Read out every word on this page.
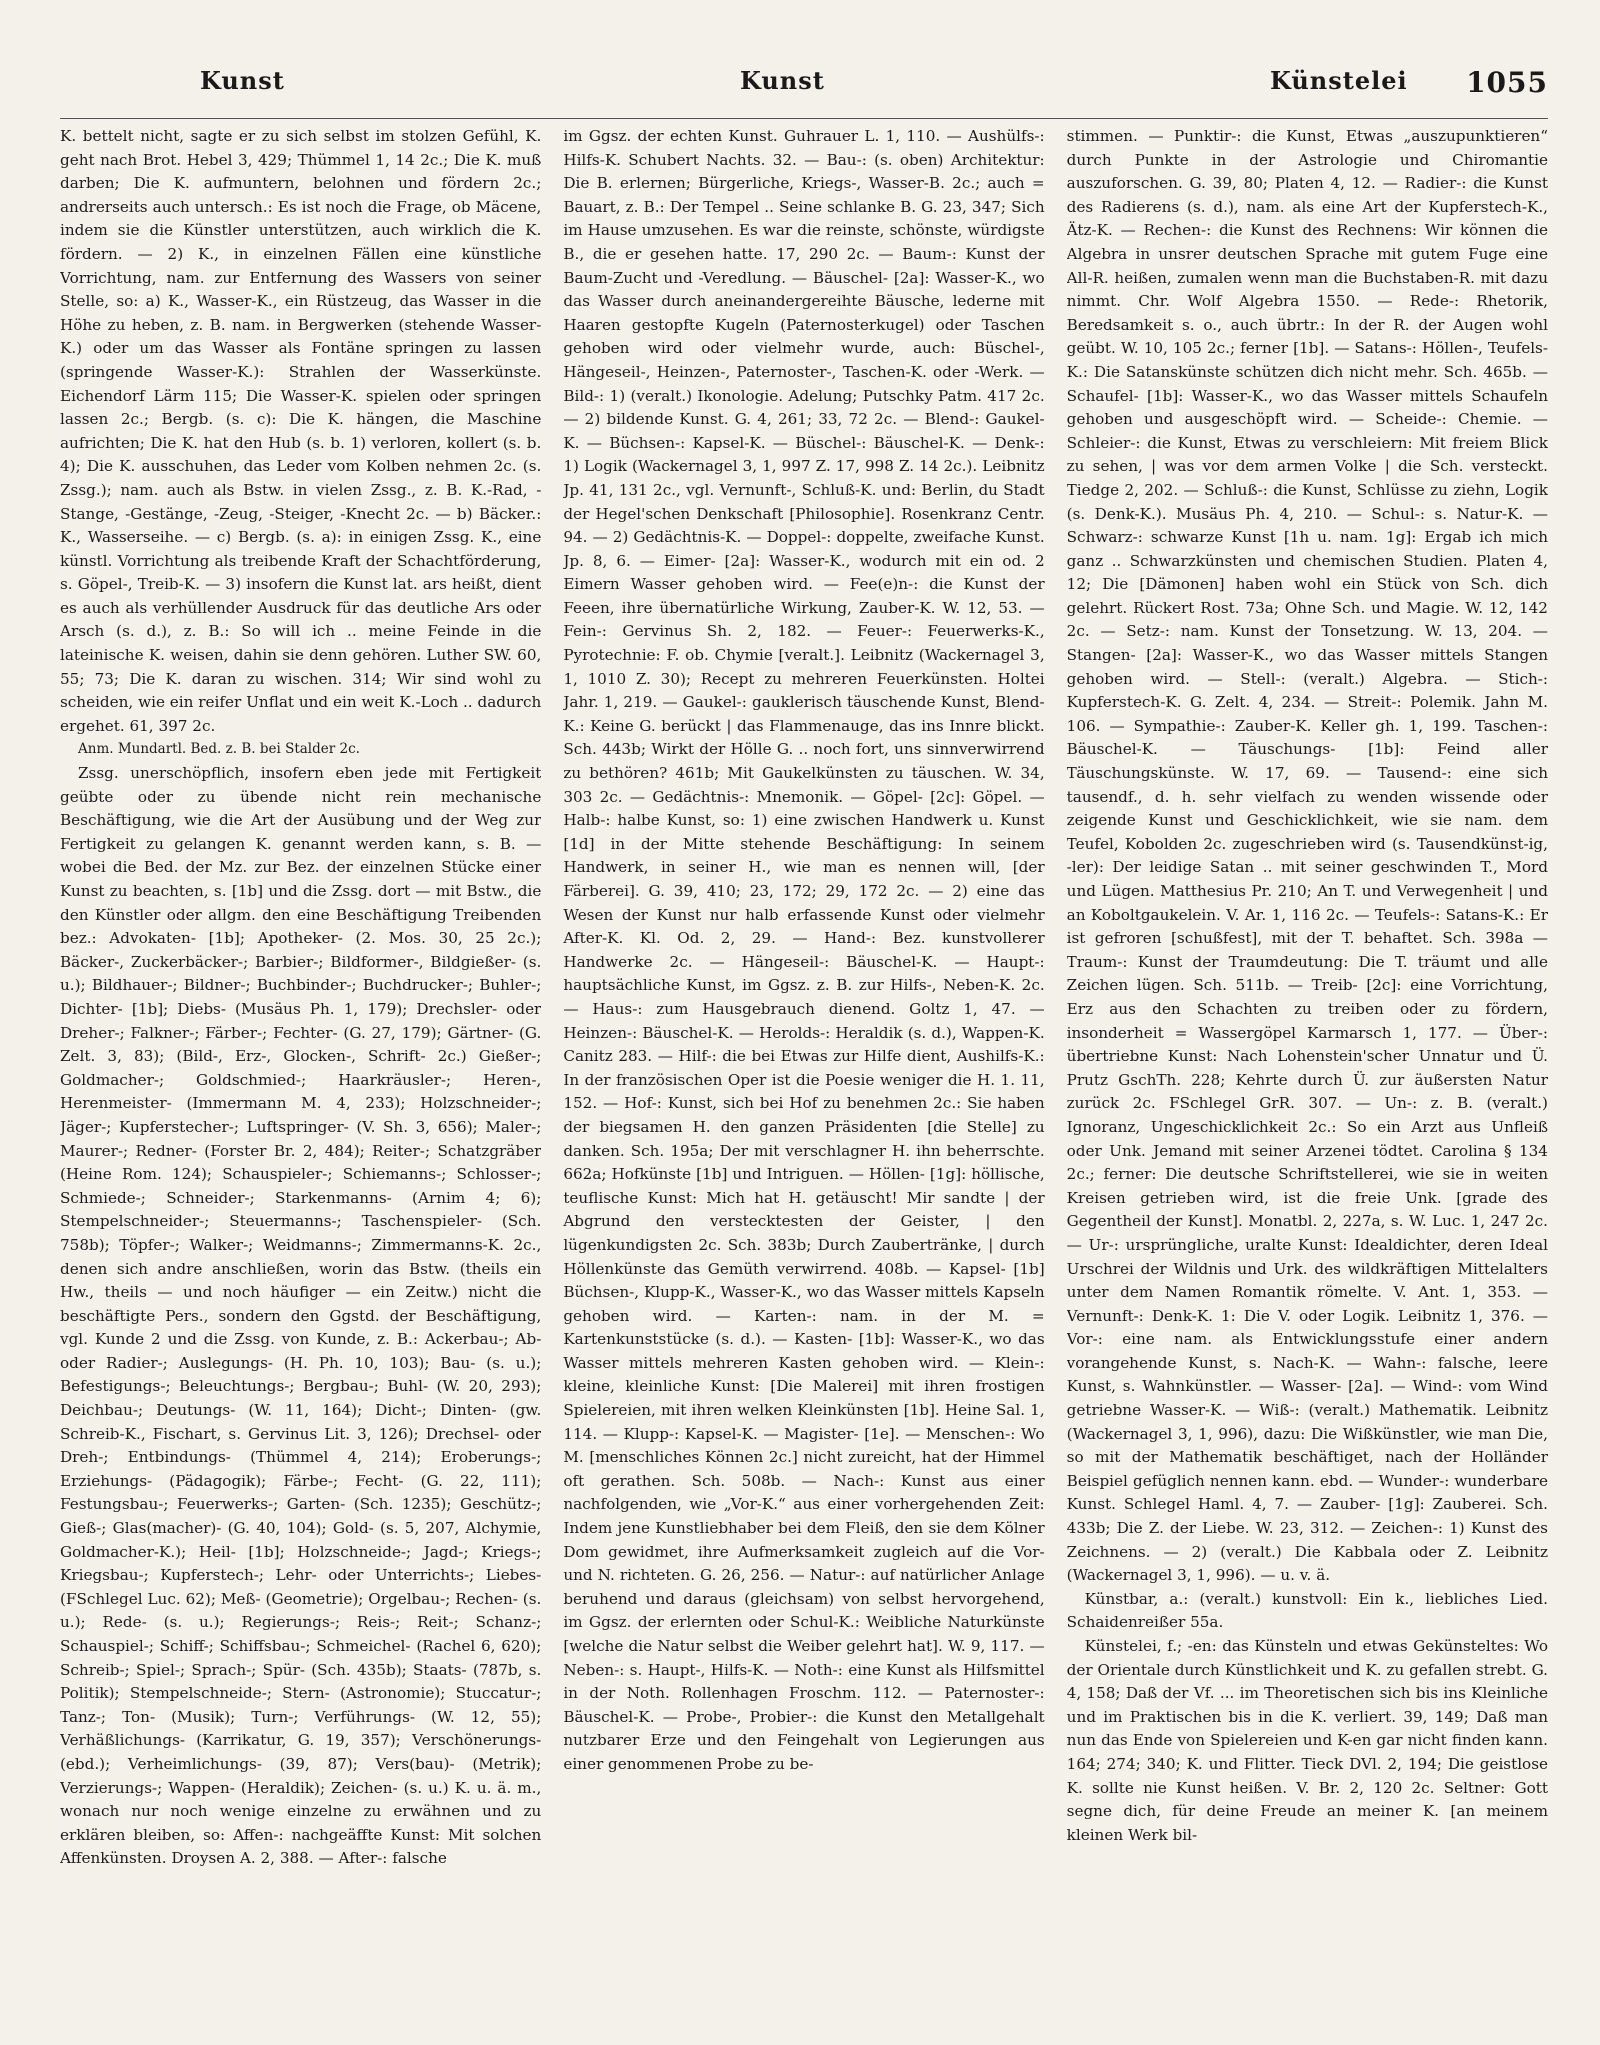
Kunst	Kunst	Künstelei 1055

K. bettelt nicht, sagte er zu sich selbst im stolzen Gefühl, K. geht nach Brot. Hebel 3, 429; Thümmel 1, 14 2c.; Die K. muß darben; Die K. aufmuntern, belohnen und fördern 2c.; andrerseits auch untersch.: Es ist noch die Frage, ob Mäcene, indem sie die Künstler unterstützen, auch wirklich die K. fördern. — 2) K., in einzelnen Fällen eine künstliche Vorrichtung, nam. zur Entfernung des Wassers von seiner Stelle, so: a) K., Wasser-K., ein Rüstzeug, das Wasser in die Höhe zu heben, z. B. nam. in Bergwerken (stehende Wasser-K.) oder um das Wasser als Fontäne springen zu lassen (springende Wasser-K.): Strahlen der Wasserkünste. Eichendorf Lärm 115; Die Wasser-K. spielen oder springen lassen 2c.; Bergb. (s. c): Die K. hängen, die Maschine aufrichten; Die K. hat den Hub (s. b. 1) verloren, kollert (s. b. 4); Die K. ausschuhen, das Leder vom Kolben nehmen 2c. (s. Zssg.); nam. auch als Bstw. in vielen Zssg., z. B. K.-Rad, -Stange, -Gestänge, -Zeug, -Steiger, -Knecht 2c. — b) Bäcker.: K., Wasserseihe. — c) Bergb. (s. a): in einigen Zssg. K., eine künstl. Vorrichtung als treibende Kraft der Schachtförderung, s. Göpel-, Treib-K. — 3) insofern die Kunst lat. ars heißt, dient es auch als verhüllender Ausdruck für das deutliche Ars oder Arsch (s. d.), z. B.: So will ich .. meine Feinde in die lateinische K. weisen, dahin sie denn gehören. Luther SW. 60, 55; 73; Die K. daran zu wischen. 314; Wir sind wohl zu scheiden, wie ein reifer Unflat und ein weit K.-Loch .. dadurch ergehet. 61, 397 2c.

Anm. Mundartl. Bed. z. B. bei Stalder 2c.

Zssg. unerschöpflich, insofern eben jede mit Fertigkeit geübte oder zu übende nicht rein mechanische Beschäftigung, wie die Art der Ausübung und der Weg zur Fertigkeit zu gelangen K. genannt werden kann, s. B. — wobei die Bed. der Mz. zur Bez. der einzelnen Stücke einer Kunst zu beachten, s. [1b] und die Zssg. dort — mit Bstw., die den Künstler oder allgm. den eine Beschäftigung Treibenden bez.: Advokaten- [1b]; Apotheker- (2. Mos. 30, 25 2c.); Bäcker-, Zuckerbäcker-; Barbier-; Bildformer-, Bildgießer- (s. u.); Bildhauer-; Bildner-; Buchbinder-; Buchdrucker-; Buhler-; Dichter- [1b]; Diebs- (Musäus Ph. 1, 179); Drechsler- oder Dreher-; Falkner-; Färber-; Fechter- (G. 27, 179); Gärtner- (G. Zelt. 3, 83); (Bild-, Erz-, Glocken-, Schrift- 2c.) Gießer-; Goldmacher-; Goldschmied-; Haarkräusler-; Heren-, Herenmeister- (Immermann M. 4, 233); Holzschneider-; Jäger-; Kupferstecher-; Luftspringer- (V. Sh. 3, 656); Maler-; Maurer-; Redner- (Forster Br. 2, 484); Reiter-; Schatzgräber (Heine Rom. 124); Schauspieler-; Schiemanns-; Schlosser-; Schmiede-; Schneider-; Starkenmanns- (Arnim 4; 6); Stempelschneider-; Steuermanns-; Taschenspieler- (Sch. 758b); Töpfer-; Walker-; Weidmanns-; Zimmermanns-K. 2c., denen sich andre anschließen, worin das Bstw. (theils ein Hw., theils — und noch häufiger — ein Zeitw.) nicht die beschäftigte Pers., sondern den Ggstd. der Beschäftigung, vgl. Kunde 2 und die Zssg. von Kunde, z. B.: Ackerbau-; Ab- oder Radier-; Auslegungs- (H. Ph. 10, 103); Bau- (s. u.); Befestigungs-; Beleuchtungs-; Bergbau-; Buhl- (W. 20, 293); Deichbau-; Deutungs- (W. 11, 164); Dicht-; Dinten- (gw. Schreib-K., Fischart, s. Gervinus Lit. 3, 126); Drechsel- oder Dreh-; Entbindungs- (Thümmel 4, 214); Eroberungs-; Erziehungs- (Pädagogik); Färbe-; Fecht- (G. 22, 111); Festungsbau-; Feuerwerks-; Garten- (Sch. 1235); Geschütz-; Gieß-; Glas(macher)- (G. 40, 104); Gold- (s. 5, 207, Alchymie, Goldmacher-K.); Heil- [1b]; Holzschneide-; Jagd-; Kriegs-; Kriegsbau-; Kupferstech-; Lehr- oder Unterrichts-; Liebes- (FSchlegel Luc. 62); Meß- (Geometrie); Orgelbau-; Rechen- (s. u.); Rede- (s. u.); Regierungs-; Reis-; Reit-; Schanz-; Schauspiel-; Schiff-; Schiffsbau-; Schmeichel- (Rachel 6, 620); Schreib-; Spiel-; Sprach-; Spür- (Sch. 435b); Staats- (787b, s. Politik); Stempelschneide-; Stern- (Astronomie); Stuccatur-; Tanz-; Ton- (Musik); Turn-; Verführungs- (W. 12, 55); Verhäßlichungs- (Karrikatur, G. 19, 357); Verschönerungs- (ebd.); Verheimlichungs- (39, 87); Vers(bau)- (Metrik); Verzierungs-; Wappen- (Heraldik); Zeichen- (s. u.) K. u. ä. m., wonach nur noch wenige einzelne zu erwähnen und zu erklären bleiben, so: Affen-: nachgeäffte Kunst: Mit solchen Affenkünsten. Droysen A. 2, 388. — After-: falsche

im Ggsz. der echten Kunst. Guhrauer L. 1, 110. — Aushülfs-: Hilfs-K. Schubert Nachts. 32. — Bau-: (s. oben) Architektur: Die B. erlernen; Bürgerliche, Kriegs-, Wasser-B. 2c.; auch = Bauart, z. B.: Der Tempel .. Seine schlanke B. G. 23, 347; Sich im Hause umzusehen. Es war die reinste, schönste, würdigste B., die er gesehen hatte. 17, 290 2c. — Baum-: Kunst der Baum-Zucht und -Veredlung. — Bäuschel- [2a]: Wasser-K., wo das Wasser durch aneinandergereihte Bäusche, lederne mit Haaren gestopfte Kugeln (Paternosterkugel) oder Taschen gehoben wird oder vielmehr wurde, auch: Büschel-, Hängeseil-, Heinzen-, Paternoster-, Taschen-K. oder -Werk. — Bild-: 1) (veralt.) Ikonologie. Adelung; Putschky Patm. 417 2c. — 2) bildende Kunst. G. 4, 261; 33, 72 2c. — Blend-: Gaukel-K. — Büchsen-: Kapsel-K. — Büschel-: Bäuschel-K. — Denk-: 1) Logik (Wackernagel 3, 1, 997 Z. 17, 998 Z. 14 2c.). Leibnitz Jp. 41, 131 2c., vgl. Vernunft-, Schluß-K. und: Berlin, du Stadt der Hegel'schen Denkschaft [Philosophie]. Rosenkranz Centr. 94. — 2) Gedächtnis-K. — Doppel-: doppelte, zweifache Kunst. Jp. 8, 6. — Eimer- [2a]: Wasser-K., wodurch mit ein od. 2 Eimern Wasser gehoben wird. — Fee(e)n-: die Kunst der Feeen, ihre übernatürliche Wirkung, Zauber-K. W. 12, 53. — Fein-: Gervinus Sh. 2, 182. — Feuer-: Feuerwerks-K., Pyrotechnie: F. ob. Chymie [veralt.]. Leibnitz (Wackernagel 3, 1, 1010 Z. 30); Recept zu mehreren Feuerkünsten. Holtei Jahr. 1, 219. — Gaukel-: gauklerisch täuschende Kunst, Blend-K.: Keine G. berückt | das Flammenauge, das ins Innre blickt. Sch. 443b; Wirkt der Hölle G. .. noch fort, uns sinnverwirrend zu bethören? 461b; Mit Gaukelkünsten zu täuschen. W. 34, 303 2c. — Gedächtnis-: Mnemonik. — Göpel- [2c]: Göpel. — Halb-: halbe Kunst, so: 1) eine zwischen Handwerk u. Kunst [1d] in der Mitte stehende Beschäftigung: In seinem Handwerk, in seiner H., wie man es nennen will, [der Färberei]. G. 39, 410; 23, 172; 29, 172 2c. — 2) eine das Wesen der Kunst nur halb erfassende Kunst oder vielmehr After-K. Kl. Od. 2, 29. — Hand-: Bez. kunstvollerer Handwerke 2c. — Hängeseil-: Bäuschel-K. — Haupt-: hauptsächliche Kunst, im Ggsz. z. B. zur Hilfs-, Neben-K. 2c. — Haus-: zum Hausgebrauch dienend. Goltz 1, 47. — Heinzen-: Bäuschel-K. — Herolds-: Heraldik (s. d.), Wappen-K. Canitz 283. — Hilf-: die bei Etwas zur Hilfe dient, Aushilfs-K.: In der französischen Oper ist die Poesie weniger die H. 1. 11, 152. — Hof-: Kunst, sich bei Hof zu benehmen 2c.: Sie haben der biegsamen H. den ganzen Präsidenten [die Stelle] zu danken. Sch. 195a; Der mit verschlagner H. ihn beherrschte. 662a; Hofkünste [1b] und Intriguen. — Höllen- [1g]: höllische, teuflische Kunst: Mich hat H. getäuscht! Mir sandte | der Abgrund den verstecktesten der Geister, | den lügenkundigsten 2c. Sch. 383b; Durch Zaubertränke, | durch Höllenkünste das Gemüth verwirrend. 408b. — Kapsel- [1b] Büchsen-, Klupp-K., Wasser-K., wo das Wasser mittels Kapseln gehoben wird. — Karten-: nam. in der M. = Kartenkunststücke (s. d.). — Kasten- [1b]: Wasser-K., wo das Wasser mittels mehreren Kasten gehoben wird. — Klein-: kleine, kleinliche Kunst: [Die Malerei] mit ihren frostigen Spielereien, mit ihren welken Kleinkünsten [1b]. Heine Sal. 1, 114. — Klupp-: Kapsel-K. — Magister- [1e]. — Menschen-: Wo M. [menschliches Können 2c.] nicht zureicht, hat der Himmel oft gerathen. Sch. 508b. — Nach-: Kunst aus einer nachfolgenden, wie „Vor-K.“ aus einer vorhergehenden Zeit: Indem jene Kunstliebhaber bei dem Fleiß, den sie dem Kölner Dom gewidmet, ihre Aufmerksamkeit zugleich auf die Vor- und N. richteten. G. 26, 256. — Natur-: auf natürlicher Anlage beruhend und daraus (gleichsam) von selbst hervorgehend, im Ggsz. der erlernten oder Schul-K.: Weibliche Naturkünste [welche die Natur selbst die Weiber gelehrt hat]. W. 9, 117. — Neben-: s. Haupt-, Hilfs-K. — Noth-: eine Kunst als Hilfsmittel in der Noth. Rollenhagen Froschm. 112. — Paternoster-: Bäuschel-K. — Probe-, Probier-: die Kunst den Metallgehalt nutzbarer Erze und den Feingehalt von Legierungen aus einer genommenen Probe zu be-

stimmen. — Punktir-: die Kunst, Etwas „auszupunktieren“ durch Punkte in der Astrologie und Chiromantie auszuforschen. G. 39, 80; Platen 4, 12. — Radier-: die Kunst des Radierens (s. d.), nam. als eine Art der Kupferstech-K., Ätz-K. — Rechen-: die Kunst des Rechnens: Wir können die Algebra in unsrer deutschen Sprache mit gutem Fuge eine All-R. heißen, zumalen wenn man die Buchstaben-R. mit dazu nimmt. Chr. Wolf Algebra 1550. — Rede-: Rhetorik, Beredsamkeit s. o., auch übrtr.: In der R. der Augen wohl geübt. W. 10, 105 2c.; ferner [1b]. — Satans-: Höllen-, Teufels-K.: Die Satanskünste schützen dich nicht mehr. Sch. 465b. — Schaufel- [1b]: Wasser-K., wo das Wasser mittels Schaufeln gehoben und ausgeschöpft wird. — Scheide-: Chemie. — Schleier-: die Kunst, Etwas zu verschleiern: Mit freiem Blick zu sehen, | was vor dem armen Volke | die Sch. versteckt. Tiedge 2, 202. — Schluß-: die Kunst, Schlüsse zu ziehn, Logik (s. Denk-K.). Musäus Ph. 4, 210. — Schul-: s. Natur-K. — Schwarz-: schwarze Kunst [1h u. nam. 1g]: Ergab ich mich ganz .. Schwarzkünsten und chemischen Studien. Platen 4, 12; Die [Dämonen] haben wohl ein Stück von Sch. dich gelehrt. Rückert Rost. 73a; Ohne Sch. und Magie. W. 12, 142 2c. — Setz-: nam. Kunst der Tonsetzung. W. 13, 204. — Stangen- [2a]: Wasser-K., wo das Wasser mittels Stangen gehoben wird. — Stell-: (veralt.) Algebra. — Stich-: Kupferstech-K. G. Zelt. 4, 234. — Streit-: Polemik. Jahn M. 106. — Sympathie-: Zauber-K. Keller gh. 1, 199. Taschen-: Bäuschel-K. — Täuschungs- [1b]: Feind aller Täuschungskünste. W. 17, 69. — Tausend-: eine sich tausendf., d. h. sehr vielfach zu wenden wissende oder zeigende Kunst und Geschicklichkeit, wie sie nam. dem Teufel, Kobolden 2c. zugeschrieben wird (s. Tausendkünst-ig, -ler): Der leidige Satan .. mit seiner geschwinden T., Mord und Lügen. Matthesius Pr. 210; An T. und Verwegenheit | und an Koboltgaukelein. V. Ar. 1, 116 2c. — Teufels-: Satans-K.: Er ist gefroren [schußfest], mit der T. behaftet. Sch. 398a — Traum-: Kunst der Traumdeutung: Die T. träumt und alle Zeichen lügen. Sch. 511b. — Treib- [2c]: eine Vorrichtung, Erz aus den Schachten zu treiben oder zu fördern, insonderheit = Wassergöpel Karmarsch 1, 177. — Über-: übertriebne Kunst: Nach Lohenstein'scher Unnatur und Ü. Prutz GschTh. 228; Kehrte durch Ü. zur äußersten Natur zurück 2c. FSchlegel GrR. 307. — Un-: z. B. (veralt.) Ignoranz, Ungeschicklichkeit 2c.: So ein Arzt aus Unfleiß oder Unk. Jemand mit seiner Arzenei tödtet. Carolina § 134 2c.; ferner: Die deutsche Schriftstellerei, wie sie in weiten Kreisen getrieben wird, ist die freie Unk. [grade des Gegentheil der Kunst]. Monatbl. 2, 227a, s. W. Luc. 1, 247 2c. — Ur-: ursprüngliche, uralte Kunst: Idealdichter, deren Ideal Urschrei der Wildnis und Urk. des wildkräftigen Mittelalters unter dem Namen Romantik römelte. V. Ant. 1, 353. — Vernunft-: Denk-K. 1: Die V. oder Logik. Leibnitz 1, 376. — Vor-: eine nam. als Entwicklungsstufe einer andern vorangehende Kunst, s. Nach-K. — Wahn-: falsche, leere Kunst, s. Wahnkünstler. — Wasser- [2a]. — Wind-: vom Wind getriebne Wasser-K. — Wiß-: (veralt.) Mathematik. Leibnitz (Wackernagel 3, 1, 996), dazu: Die Wißkünstler, wie man Die, so mit der Mathematik beschäftiget, nach der Holländer Beispiel gefüglich nennen kann. ebd. — Wunder-: wunderbare Kunst. Schlegel Haml. 4, 7. — Zauber- [1g]: Zauberei. Sch. 433b; Die Z. der Liebe. W. 23, 312. — Zeichen-: 1) Kunst des Zeichnens. — 2) (veralt.) Die Kabbala oder Z. Leibnitz (Wackernagel 3, 1, 996). — u. v. ä.

Künstbar, a.: (veralt.) kunstvoll: Ein k., liebliches Lied. Schaidenreißer 55a.

Künstelei, f.; -en: das Künsteln und etwas Gekünsteltes: Wo der Orientale durch Künstlichkeit und K. zu gefallen strebt. G. 4, 158; Daß der Vf. ... im Theoretischen sich bis ins Kleinliche und im Praktischen bis in die K. verliert. 39, 149; Daß man nun das Ende von Spielereien und K-en gar nicht finden kann. 164; 274; 340; K. und Flitter. Tieck DVl. 2, 194; Die geistlose K. sollte nie Kunst heißen. V. Br. 2, 120 2c. Seltner: Gott segne dich, für deine Freude an meiner K. [an meinem kleinen Werk bil-
